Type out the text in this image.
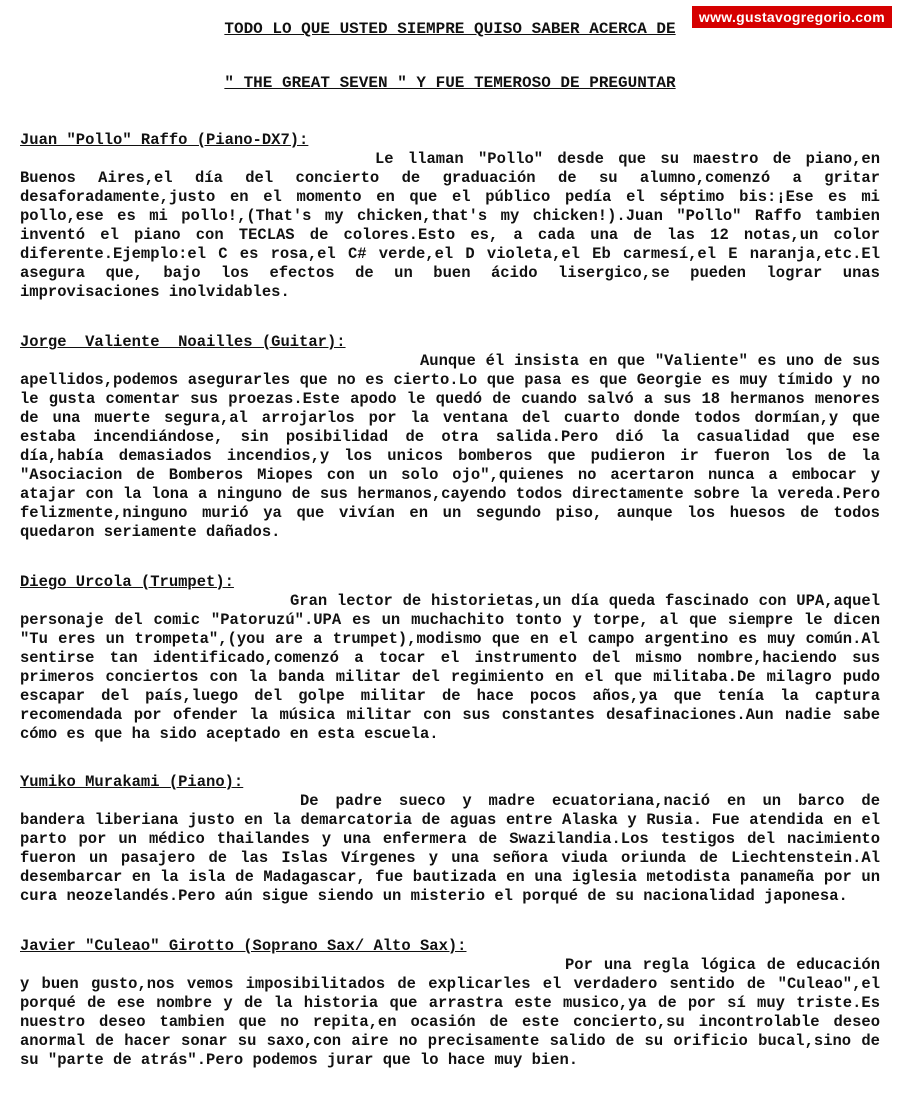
www.gustavogregorio.com
TODO LO QUE USTED SIEMPRE QUISO SABER ACERCA DE
" THE GREAT SEVEN " Y FUE TEMEROSO DE PREGUNTAR
Juan "Pollo" Raffo (Piano-DX7):

Le llaman "Pollo" desde que su maestro de piano,en Buenos Aires,el día del concierto de graduación de su alumno,comenzó a gritar desaforadamente,justo en el momento en que el público pedía el séptimo bis:¡Ese es mi pollo,ese es mi pollo!,(That's my chicken,that's my chicken!).Juan "Pollo" Raffo tambien inventó el piano con TECLAS de colores.Esto es, a cada una de las 12 notas,un color diferente.Ejemplo:el C es rosa,el C# verde,el D violeta,el Eb carmesí,el E naranja,etc.El asegura que, bajo los efectos de un buen ácido lisergico,se pueden lograr unas improvisaciones inolvidables.

Jorge  Valiente  Noailles (Guitar):

Aunque él insista en que "Valiente" es uno de sus apellidos,podemos asegurarles que no es cierto.Lo que pasa es que Georgie es muy tímido y no le gusta comentar sus proezas.Este apodo le quedó de cuando salvó a sus 18 hermanos menores de una muerte segura,al arrojarlos por la ventana del cuarto donde todos dormían,y que estaba incendiándose, sin posibilidad de otra salida.Pero dió la casualidad que ese día,había demasiados incendios,y los unicos bomberos que pudieron ir fueron los de la "Asociacion de Bomberos Miopes con un solo ojo",quienes no acertaron nunca a embocar y atajar con la lona a ninguno de sus hermanos,cayendo todos directamente sobre la vereda.Pero felizmente,ninguno murió ya que vivían en un segundo piso, aunque los huesos de todos quedaron seriamente dañados.

Diego Urcola (Trumpet):

Gran lector de historietas,un día queda fascinado con UPA,aquel personaje del comic "Patoruzú".UPA es un muchachito tonto y torpe, al que siempre le dicen "Tu eres un trompeta",(you are a trumpet),modismo que en el campo argentino es muy común.Al sentirse tan identificado,comenzó a tocar el instrumento del mismo nombre,haciendo sus primeros conciertos con la banda militar del regimiento en el que militaba.De milagro pudo escapar del país,luego del golpe militar de hace pocos años,ya que tenía la captura recomendada por ofender la música militar con sus constantes desafinaciones.Aun nadie sabe cómo es que ha sido aceptado en esta escuela.

Yumiko Murakami (Piano):

De padre sueco y madre ecuatoriana,nació en un barco de bandera liberiana justo en la demarcatoria de aguas entre Alaska y Rusia. Fue atendida en el parto por un médico thailandes y una enfermera de Swazilandia.Los testigos del nacimiento fueron un pasajero de las Islas Vírgenes y una señora viuda oriunda de Liechtenstein.Al desembarcar en la isla de Madagascar, fue bautizada en una iglesia metodista panameña por un cura neozelandés.Pero aún sigue siendo un misterio el porqué de su nacionalidad japonesa.

Javier "Culeao" Girotto (Soprano Sax/ Alto Sax):

Por una regla lógica de educación y buen gusto,nos vemos imposibilitados de explicarles el verdadero sentido de "Culeao",el porqué de ese nombre y de la historia que arrastra este musico,ya de por sí muy triste.Es nuestro deseo tambien que no repita,en ocasión de este concierto,su incontrolable deseo anormal de hacer sonar su saxo,con aire no precisamente salido de su orificio bucal,sino de su "parte de atrás".Pero podemos jurar que lo hace muy bien.
